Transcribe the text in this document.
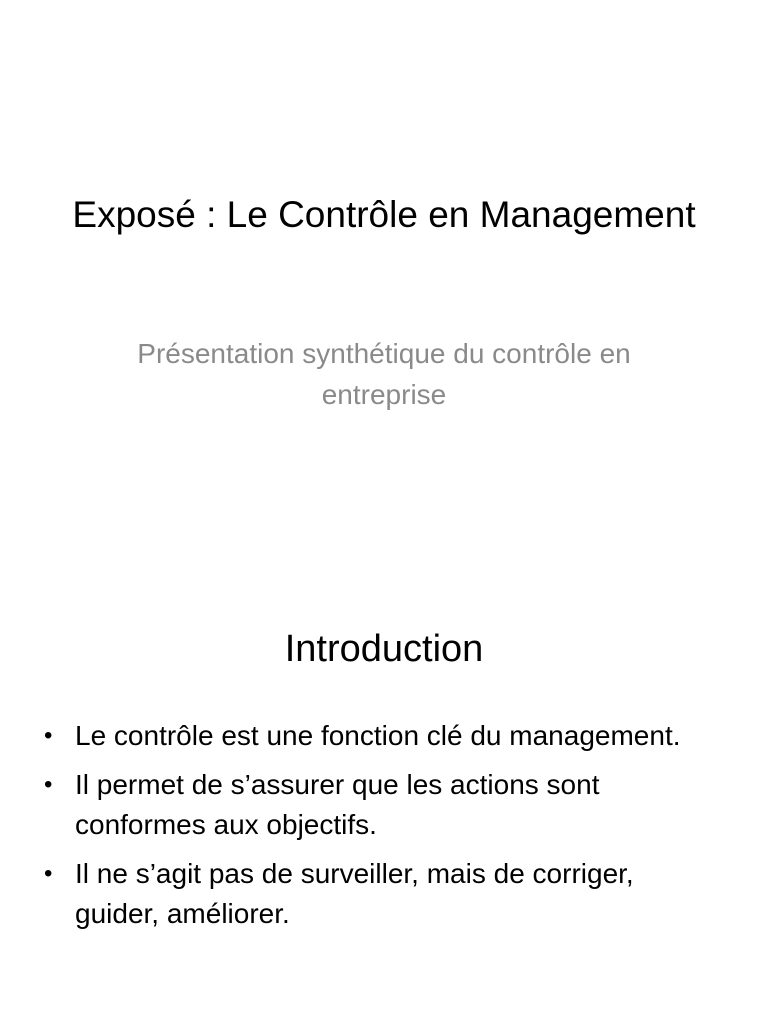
Exposé : Le Contrôle en Management

Présentation synthétique du contrôle en entreprise

Introduction
• Le contrôle est une fonction clé du management.
• Il permet de s’assurer que les actions sont conformes aux objectifs.
• Il ne s’agit pas de surveiller, mais de corriger, guider, améliorer.
